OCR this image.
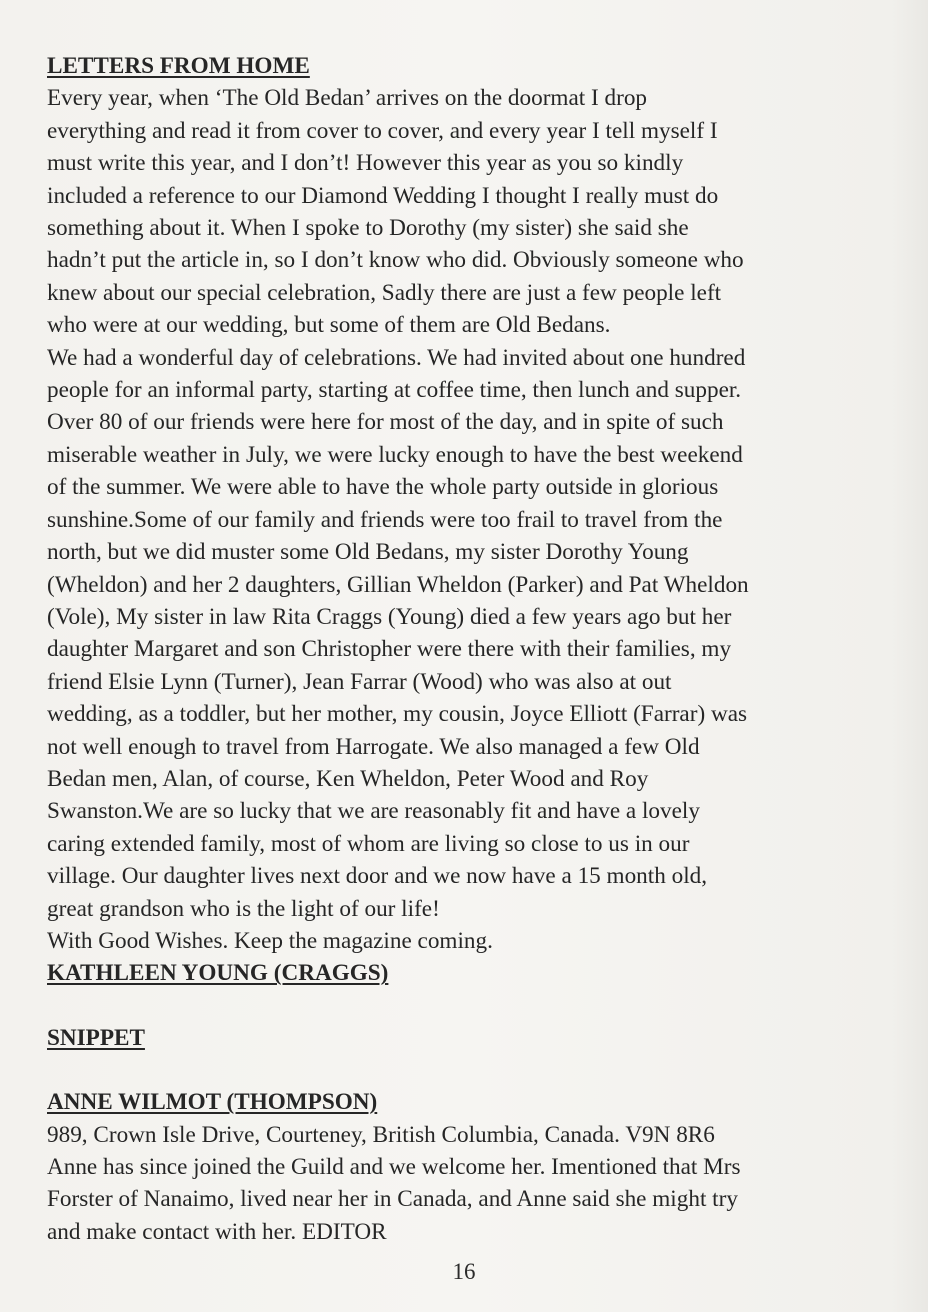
LETTERS FROM HOME
Every year, when ‘The Old Bedan’ arrives on the doormat I drop
everything and read it from cover to cover, and every year I tell myself I
must write this year, and I don’t! However this year as you so kindly
included a reference to our Diamond Wedding I thought I really must do
something about it. When I spoke to Dorothy (my sister) she said she
hadn’t put the article in, so I don’t know who did. Obviously someone who
knew about our special celebration, Sadly there are just a few people left
who were at our wedding, but some of them are Old Bedans.
We had a wonderful day of celebrations. We had invited about one hundred
people for an informal party, starting at coffee time, then lunch and supper.
Over 80 of our friends were here for most of the day, and in spite of such
miserable weather in July, we were lucky enough to have the best weekend
of the summer. We were able to have the whole party outside in glorious
sunshine.Some of our family and friends were too frail to travel from the
north, but we did muster some Old Bedans, my sister Dorothy Young
(Wheldon) and her 2 daughters, Gillian Wheldon (Parker) and Pat Wheldon
(Vole), My sister in law Rita Craggs (Young) died a few years ago but her
daughter Margaret and son Christopher were there with their families, my
friend Elsie Lynn (Turner), Jean Farrar (Wood) who was also at out
wedding, as a toddler, but her mother, my cousin, Joyce Elliott (Farrar) was
not well enough to travel from Harrogate. We also managed a few Old
Bedan men, Alan, of course, Ken Wheldon, Peter Wood and Roy
Swanston.We are so lucky that we are reasonably fit and have a lovely
caring extended family, most of whom are living so close to us in our
village. Our daughter lives next door and we now have a 15 month old,
great grandson who is the light of our life!
With Good Wishes. Keep the magazine coming.
KATHLEEN YOUNG (CRAGGS)
SNIPPET
ANNE WILMOT (THOMPSON)
989, Crown Isle Drive, Courteney, British Columbia, Canada. V9N 8R6
Anne has since joined the Guild and we welcome her. Imentioned that Mrs
Forster of Nanaimo, lived near her in Canada, and Anne said she might try
and make contact with her. EDITOR
16
